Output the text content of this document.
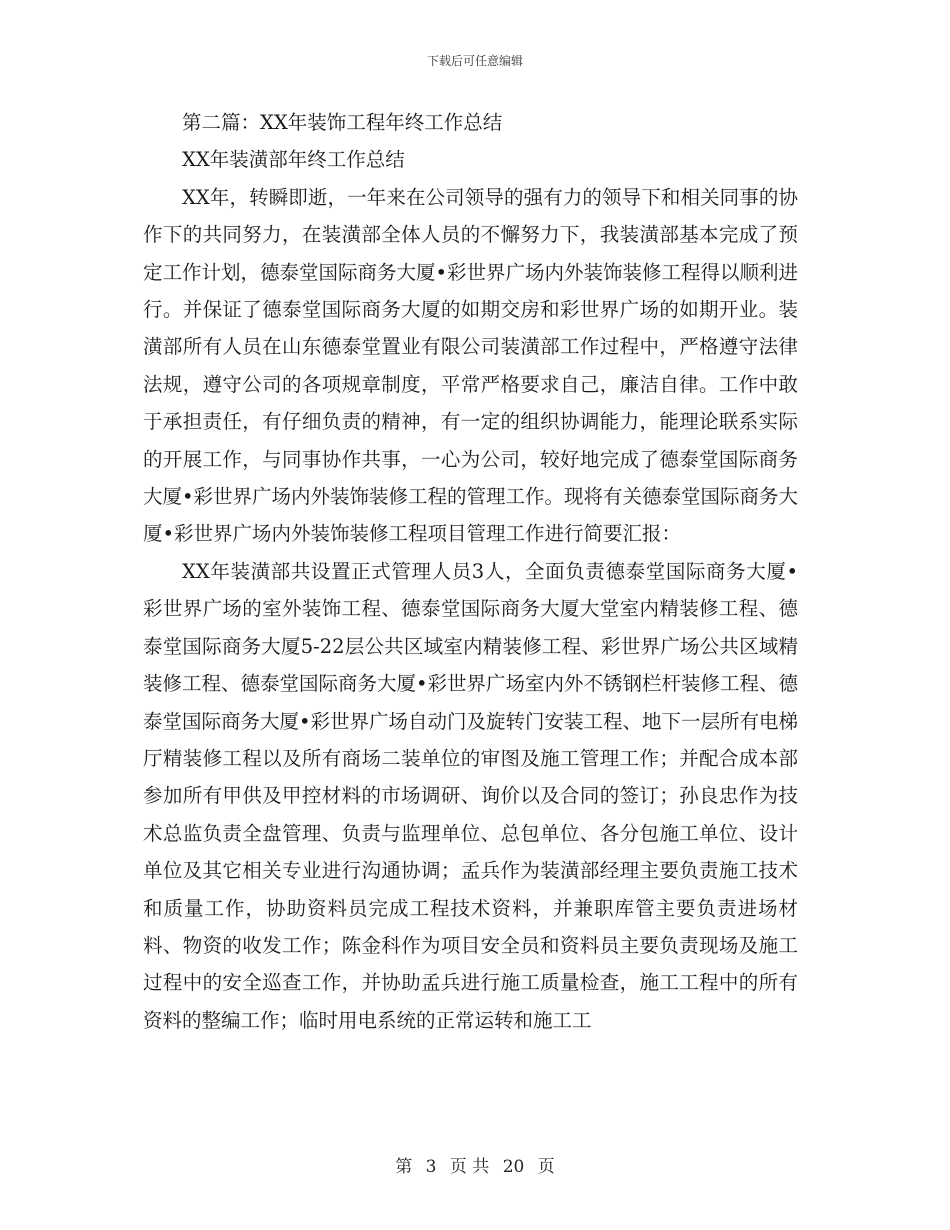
下载后可任意编辑

第二篇：XX年装饰工程年终工作总结

XX年装潢部年终工作总结

XX年，转瞬即逝，一年来在公司领导的强有力的领导下和相关同事的协作下的共同努力，在装潢部全体人员的不懈努力下，我装潢部基本完成了预定工作计划，德泰堂国际商务大厦•彩世界广场内外装饰装修工程得以顺利进行。并保证了德泰堂国际商务大厦的如期交房和彩世界广场的如期开业。装潢部所有人员在山东德泰堂置业有限公司装潢部工作过程中，严格遵守法律法规，遵守公司的各项规章制度，平常严格要求自己，廉洁自律。工作中敢于承担责任，有仔细负责的精神，有一定的组织协调能力，能理论联系实际的开展工作，与同事协作共事，一心为公司，较好地完成了德泰堂国际商务大厦•彩世界广场内外装饰装修工程的管理工作。现将有关德泰堂国际商务大厦•彩世界广场内外装饰装修工程项目管理工作进行简要汇报：

XX年装潢部共设置正式管理人员3人，全面负责德泰堂国际商务大厦•彩世界广场的室外装饰工程、德泰堂国际商务大厦大堂室内精装修工程、德泰堂国际商务大厦5-22层公共区域室内精装修工程、彩世界广场公共区域精装修工程、德泰堂国际商务大厦•彩世界广场室内外不锈钢栏杆装修工程、德泰堂国际商务大厦•彩世界广场自动门及旋转门安装工程、地下一层所有电梯厅精装修工程以及所有商场二装单位的审图及施工管理工作；并配合成本部参加所有甲供及甲控材料的市场调研、询价以及合同的签订；孙良忠作为技术总监负责全盘管理、负责与监理单位、总包单位、各分包施工单位、设计单位及其它相关专业进行沟通协调；孟兵作为装潢部经理主要负责施工技术和质量工作，协助资料员完成工程技术资料，并兼职库管主要负责进场材料、物资的收发工作；陈金科作为项目安全员和资料员主要负责现场及施工过程中的安全巡查工作，并协助孟兵进行施工质量检查，施工工程中的所有资料的整编工作；临时用电系统的正常运转和施工工

第 3 页 共 20 页
